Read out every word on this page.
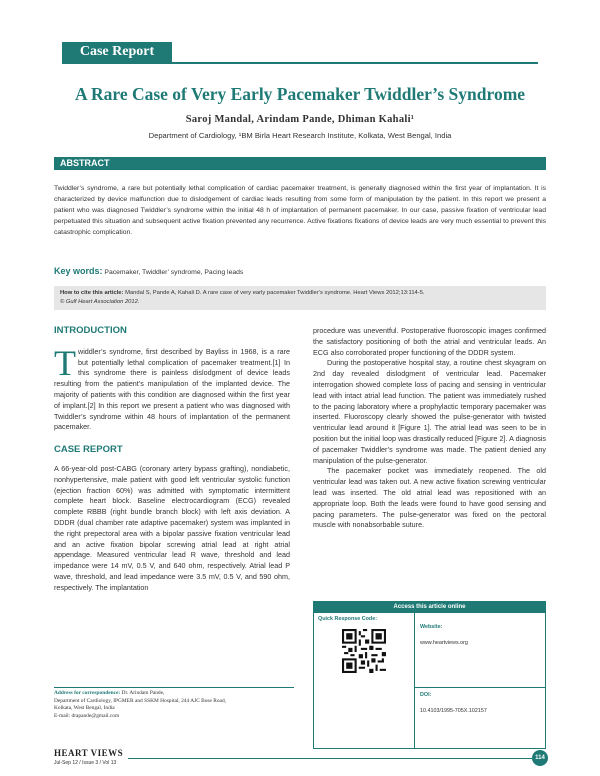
Case Report
A Rare Case of Very Early Pacemaker Twiddler’s Syndrome
Saroj Mandal, Arindam Pande, Dhiman Kahali¹
Department of Cardiology, ¹BM Birla Heart Research Institute, Kolkata, West Bengal, India
ABSTRACT
Twiddler’s syndrome, a rare but potentially lethal complication of cardiac pacemaker treatment, is generally diagnosed within the first year of implantation. It is characterized by device malfunction due to dislodgement of cardiac leads resulting from some form of manipulation by the patient. In this report we present a patient who was diagnosed Twiddler’s syndrome within the initial 48 h of implantation of permanent pacemaker. In our case, passive fixation of ventricular lead perpetuated this situation and subsequent active fixation prevented any recurrence. Active fixations fixations of device leads are very much essential to prevent this catastrophic complication.
Key words: Pacemaker, Twiddler’ syndrome, Pacing leads
How to cite this article: Mandal S, Pande A, Kahali D. A rare case of very early pacemaker Twiddler’s syndrome. Heart Views 2012;13:114-5.
© Gulf Heart Association 2012.
INTRODUCTION

Twiddler’s syndrome, first described by Bayliss in 1968, is a rare but potentially lethal complication of pacemaker treatment.[1] In this syndrome there is painless dislodgment of device leads resulting from the patient’s manipulation of the implanted device. The majority of patients with this condition are diagnosed within the first year of implant.[2] In this report we present a patient who was diagnosed with Twiddler’s syndrome within 48 hours of implantation of the permanent pacemaker.

CASE REPORT

A 66-year-old post-CABG (coronary artery bypass grafting), nondiabetic, nonhypertensive, male patient with good left ventricular systolic function (ejection fraction 60%) was admitted with symptomatic intermittent complete heart block. Baseline electrocardiogram (ECG) revealed complete RBBB (right bundle branch block) with left axis deviation. A DDDR (dual chamber rate adaptive pacemaker) system was implanted in the right prepectoral area with a bipolar passive fixation ventricular lead and an active fixation bipolar screwing atrial lead at right atrial appendage. Measured ventricular lead R wave, threshold and lead impedance were 14 mV, 0.5 V, and 640 ohm, respectively. Atrial lead P wave, threshold, and lead impedance were 3.5 mV, 0.5 V, and 590 ohm, respectively. The implantation

procedure was uneventful. Postoperative fluoroscopic images confirmed the satisfactory positioning of both the atrial and ventricular leads. An ECG also corroborated proper functioning of the DDDR system.

During the postoperative hospital stay, a routine chest skyagram on 2nd day revealed dislodgment of ventricular lead. Pacemaker interrogation showed complete loss of pacing and sensing in ventricular lead with intact atrial lead function. The patient was immediately rushed to the pacing laboratory where a prophylactic temporary pacemaker was inserted. Fluoroscopy clearly showed the pulse-generator with twisted ventricular lead around it [Figure 1]. The atrial lead was seen to be in position but the initial loop was drastically reduced [Figure 2]. A diagnosis of pacemaker Twiddler’s syndrome was made. The patient denied any manipulation of the pulse-generator.

The pacemaker pocket was immediately reopened. The old ventricular lead was taken out. A new active fixation screwing ventricular lead was inserted. The old atrial lead was repositioned with an appropriate loop. Both the leads were found to have good sensing and pacing parameters. The pulse-generator was fixed on the pectoral muscle with nonabsorbable suture.

Access this article online
Quick Response Code:
Website:
www.heartviews.org
DOI:
10.4103/1995-705X.102157
Address for correspondence: Dr. Arindam Pande,
Department of Cardiology, IPGMER and SSKM Hospital, 244 AJC Bose Road,
Kolkata, West Bengal, India
E-mail: drapande@gmail.com
HEART VIEWS
Jul-Sep 12 / Issue 3 / Vol 13
114
